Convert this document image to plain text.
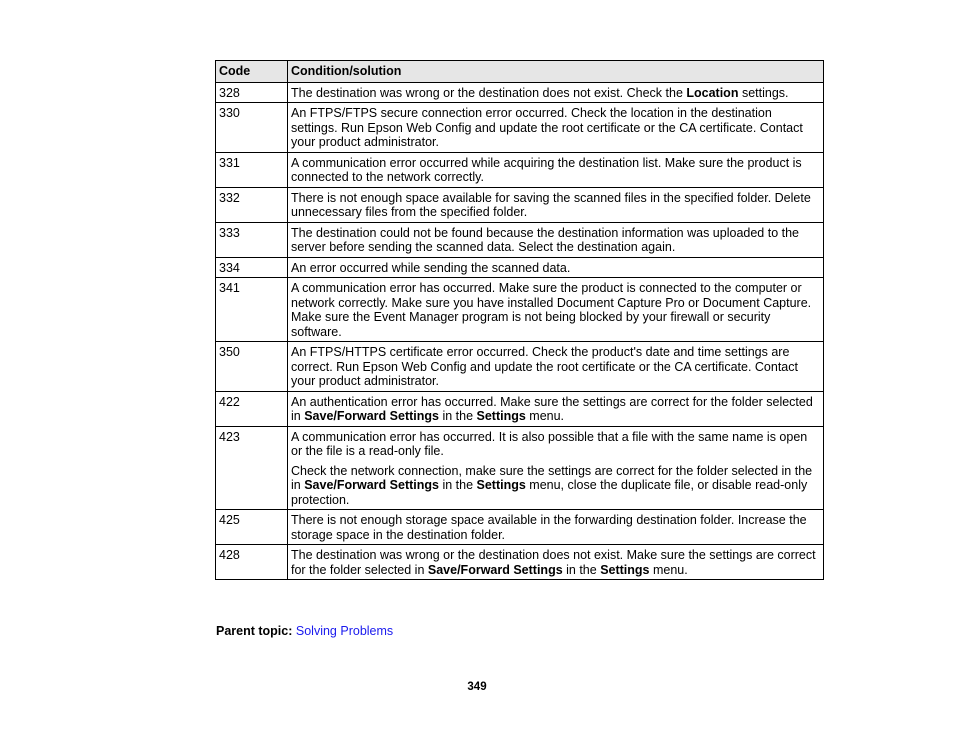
Code	Condition/solution
328	The destination was wrong or the destination does not exist. Check the Location settings.

330	An FTPS/FTPS secure connection error occurred. Check the location in the destination settings. Run Epson Web Config and update the root certificate or the CA certificate. Contact your product administrator.

331	A communication error occurred while acquiring the destination list. Make sure the product is connected to the network correctly.

332	There is not enough space available for saving the scanned files in the specified folder. Delete unnecessary files from the specified folder.

333	The destination could not be found because the destination information was uploaded to the server before sending the scanned data. Select the destination again.

334	An error occurred while sending the scanned data.

341	A communication error has occurred. Make sure the product is connected to the computer or network correctly. Make sure you have installed Document Capture Pro or Document Capture. Make sure the Event Manager program is not being blocked by your firewall or security software.

350	An FTPS/HTTPS certificate error occurred. Check the product's date and time settings are correct. Run Epson Web Config and update the root certificate or the CA certificate. Contact your product administrator.

422	An authentication error has occurred. Make sure the settings are correct for the folder selected in Save/Forward Settings in the Settings menu.

423	A communication error has occurred. It is also possible that a file with the same name is open or the file is a read-only file.
Check the network connection, make sure the settings are correct for the folder selected in the in Save/Forward Settings in the Settings menu, close the duplicate file, or disable read-only protection.

425	There is not enough storage space available in the forwarding destination folder. Increase the storage space in the destination folder.

428	The destination was wrong or the destination does not exist. Make sure the settings are correct for the folder selected in Save/Forward Settings in the Settings menu.
Parent topic: Solving Problems
349
